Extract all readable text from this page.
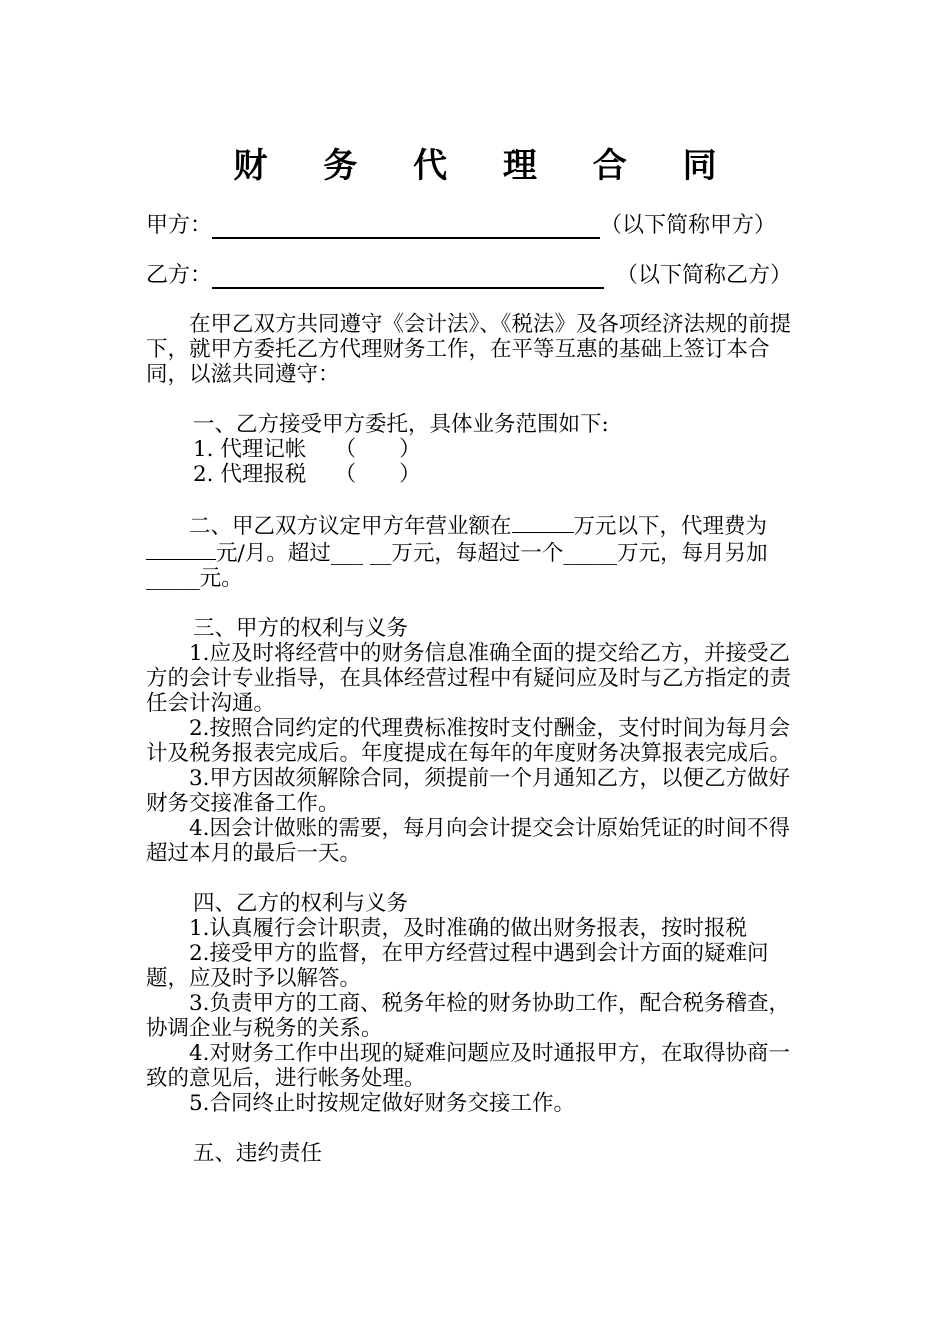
财 务 代 理 合 同
甲方：	（以下简称甲方）
乙方：	（以下简称乙方）

在甲乙双方共同遵守《会计法》、《税法》及各项经济法规的前提下，就甲方委托乙方代理财务工作，在平等互惠的基础上签订本合同，以滋共同遵守：

一、乙方接受甲方委托，具体业务范围如下:

1. 代理记帐　 （　　）

2. 代理报税　 （　　）

二、甲乙双方议定甲方年营业额在	万元以下，代理费为元/月。超过___ __万元，每超过一个_____万元，每月另加_____元。

三、甲方的权利与义务

1.应及时将经营中的财务信息准确全面的提交给乙方，并接受乙方的会计专业指导，在具体经营过程中有疑问应及时与乙方指定的责任会计沟通。

2.按照合同约定的代理费标准按时支付酬金，支付时间为每月会计及税务报表完成后。年度提成在每年的年度财务决算报表完成后。

3.甲方因故须解除合同，须提前一个月通知乙方，以便乙方做好财务交接准备工作。

4.因会计做账的需要，每月向会计提交会计原始凭证的时间不得超过本月的最后一天。

四、乙方的权利与义务

1.认真履行会计职责，及时准确的做出财务报表，按时报税

2.接受甲方的监督，在甲方经营过程中遇到会计方面的疑难问题，应及时予以解答。

3.负责甲方的工商、税务年检的财务协助工作，配合税务稽查，协调企业与税务的关系。

4.对财务工作中出现的疑难问题应及时通报甲方，在取得协商一致的意见后，进行帐务处理。

5.合同终止时按规定做好财务交接工作。

五、违约责任
